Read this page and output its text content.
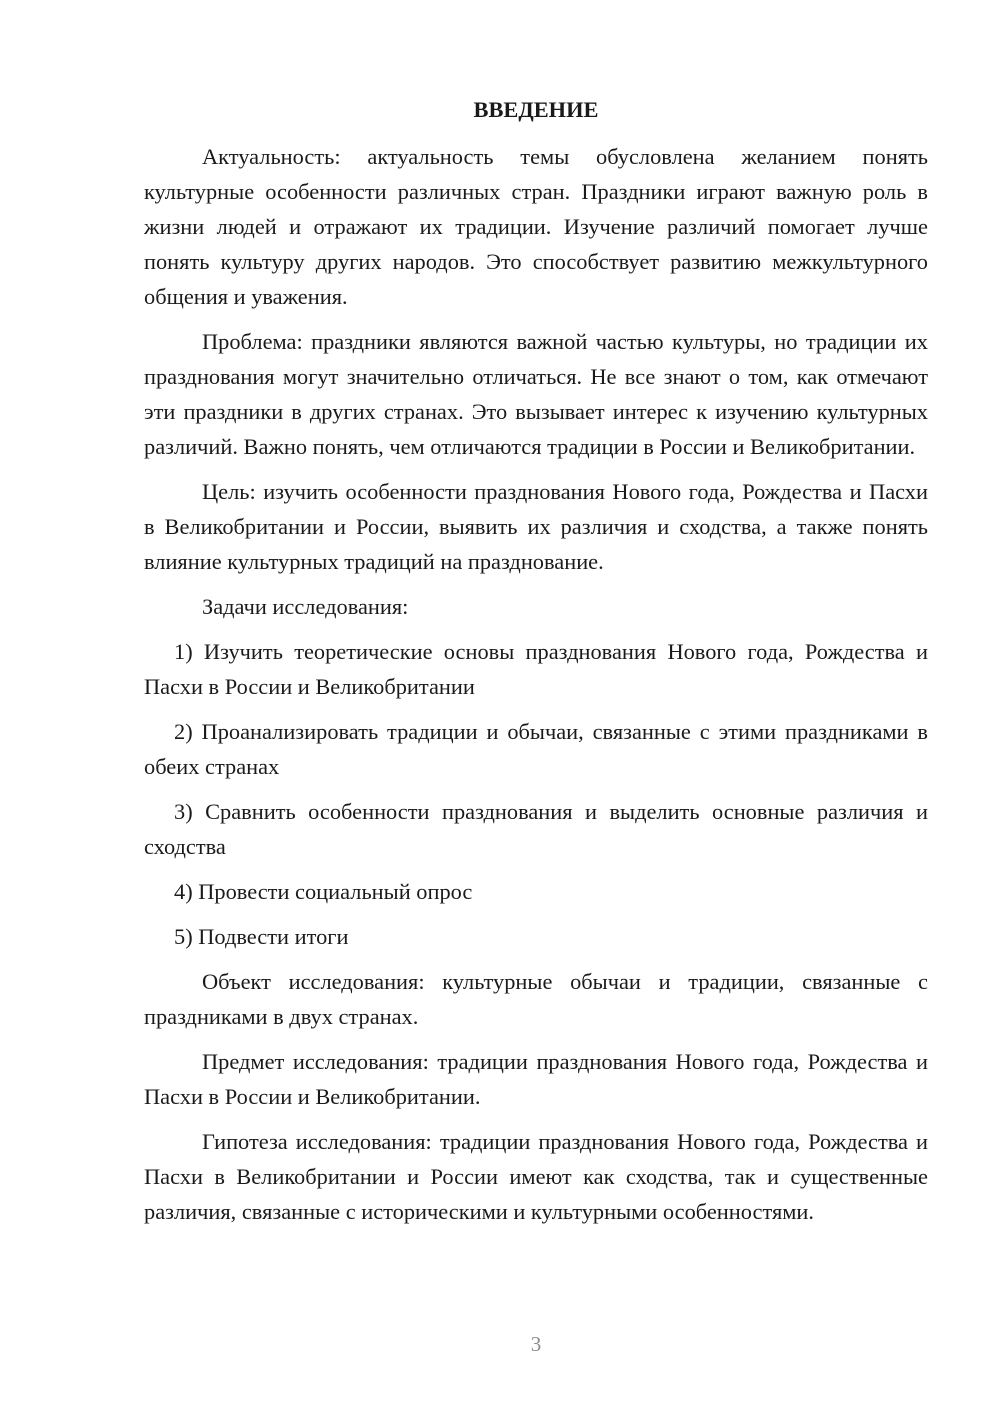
ВВЕДЕНИЕ

Актуальность: актуальность темы обусловлена желанием понять культурные особенности различных стран. Праздники играют важную роль в жизни людей и отражают их традиции. Изучение различий помогает лучше понять культуру других народов. Это способствует развитию межкультурного общения и уважения.

Проблема: праздники являются важной частью культуры, но традиции их празднования могут значительно отличаться. Не все знают о том, как отмечают эти праздники в других странах. Это вызывает интерес к изучению культурных различий. Важно понять, чем отличаются традиции в России и Великобритании.

Цель: изучить особенности празднования Нового года, Рождества и Пасхи в Великобритании и России, выявить их различия и сходства, а также понять влияние культурных традиций на празднование.

Задачи исследования:

1) Изучить теоретические основы празднования Нового года, Рождества и Пасхи в России и Великобритании

2) Проанализировать традиции и обычаи, связанные с этими праздниками в обеих странах

3) Сравнить особенности празднования и выделить основные различия и сходства

4) Провести социальный опрос

5) Подвести итоги

Объект исследования: культурные обычаи и традиции, связанные с праздниками в двух странах.

Предмет исследования: традиции празднования Нового года, Рождества и Пасхи в России и Великобритании.

Гипотеза исследования: традиции празднования Нового года, Рождества и Пасхи в Великобритании и России имеют как сходства, так и существенные различия, связанные с историческими и культурными особенностями.

3
